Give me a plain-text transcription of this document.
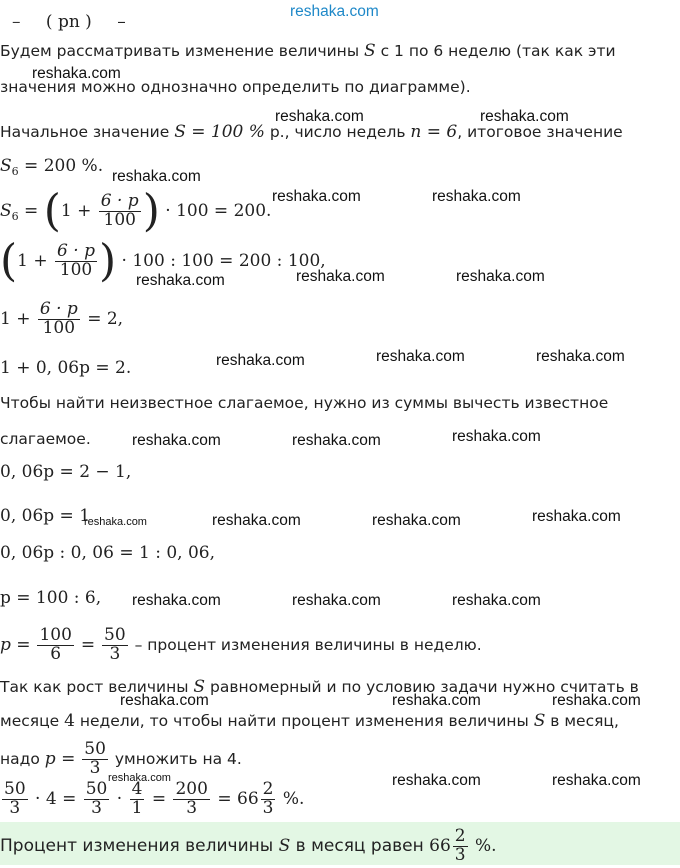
– ( pn ) –
reshaka.com
Будем рассматривать изменение величины S с 1 по 6 неделю (так как эти
reshaka.com
значения можно однозначно определить по диаграмме).
reshaka.com	reshaka.com
Начальное значение S = 100 % р., число недель n = 6, итоговое значение
$S_6 = 200$ %.
reshaka.com
$S_6 = (1 + \frac{6 \cdot p}{100}$ ) · 100 = 200.
reshaka.com	reshaka.com
($1 + \frac{6 \cdot p}{100}$ ) · 100 : 100 = 200 : 100,
reshaka.com	reshaka.com	reshaka.com
$1 + \frac{6 \cdot p}{100} = 2$,
1 + 0, 06p = 2.	reshaka.com	reshaka.com	reshaka.com
Чтобы найти неизвестное слагаемое, нужно из суммы вычесть известное
слагаемое.	reshaka.com	reshaka.com	reshaka.com
0, 06p = 2 − 1,
0, 06p = 1
reshaka.com	reshaka.com	reshaka.com	reshaka.com
0, 06p : 0, 06 = 1 : 0, 06,
p = 100 : 6, reshaka.com	reshaka.com	reshaka.com
$p = \frac{100}{6} = \frac{50}{3}$ – процент изменения величины в неделю.
Так как рост величины S равномерный и по условию задачи нужно считать в
reshaka.com	reshaka.com	reshaka.com
месяце 4 недели, то чтобы найти процент изменения величины S в месяц,
надо $p = \frac{50}{3}$ умножить на 4.
reshaka.com	reshaka.com	reshaka.com
$\frac{50}{3} \cdot 4 = \frac{50}{3} \cdot \frac{4}{1} = \frac{200}{3} = 66 \frac{2}{3}$ %.
Процент изменения величины S в месяц равен $66 \frac{2}{3}$ %.
